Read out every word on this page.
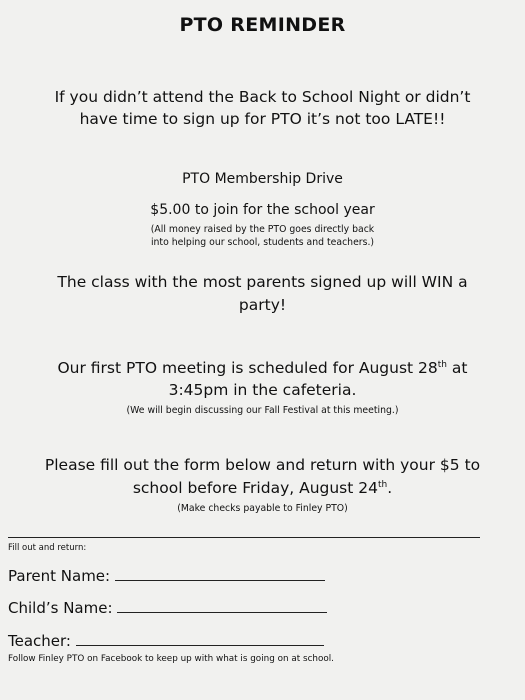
PTO REMINDER
If you didn’t attend the Back to School Night or didn’t
have time to sign up for PTO it’s not too LATE!!
PTO Membership Drive
$5.00 to join for the school year
(All money raised by the PTO goes directly back
into helping our school, students and teachers.)
The class with the most parents signed up will WIN a
party!
Our first PTO meeting is scheduled for August 28th at
3:45pm in the cafeteria.
(We will begin discussing our Fall Festival at this meeting.)
Please fill out the form below and return with your $5 to
school before Friday, August 24th.
(Make checks payable to Finley PTO)
Fill out and return:
Parent Name:
Child’s Name:
Teacher:
Follow Finley PTO on Facebook to keep up with what is going on at school.
